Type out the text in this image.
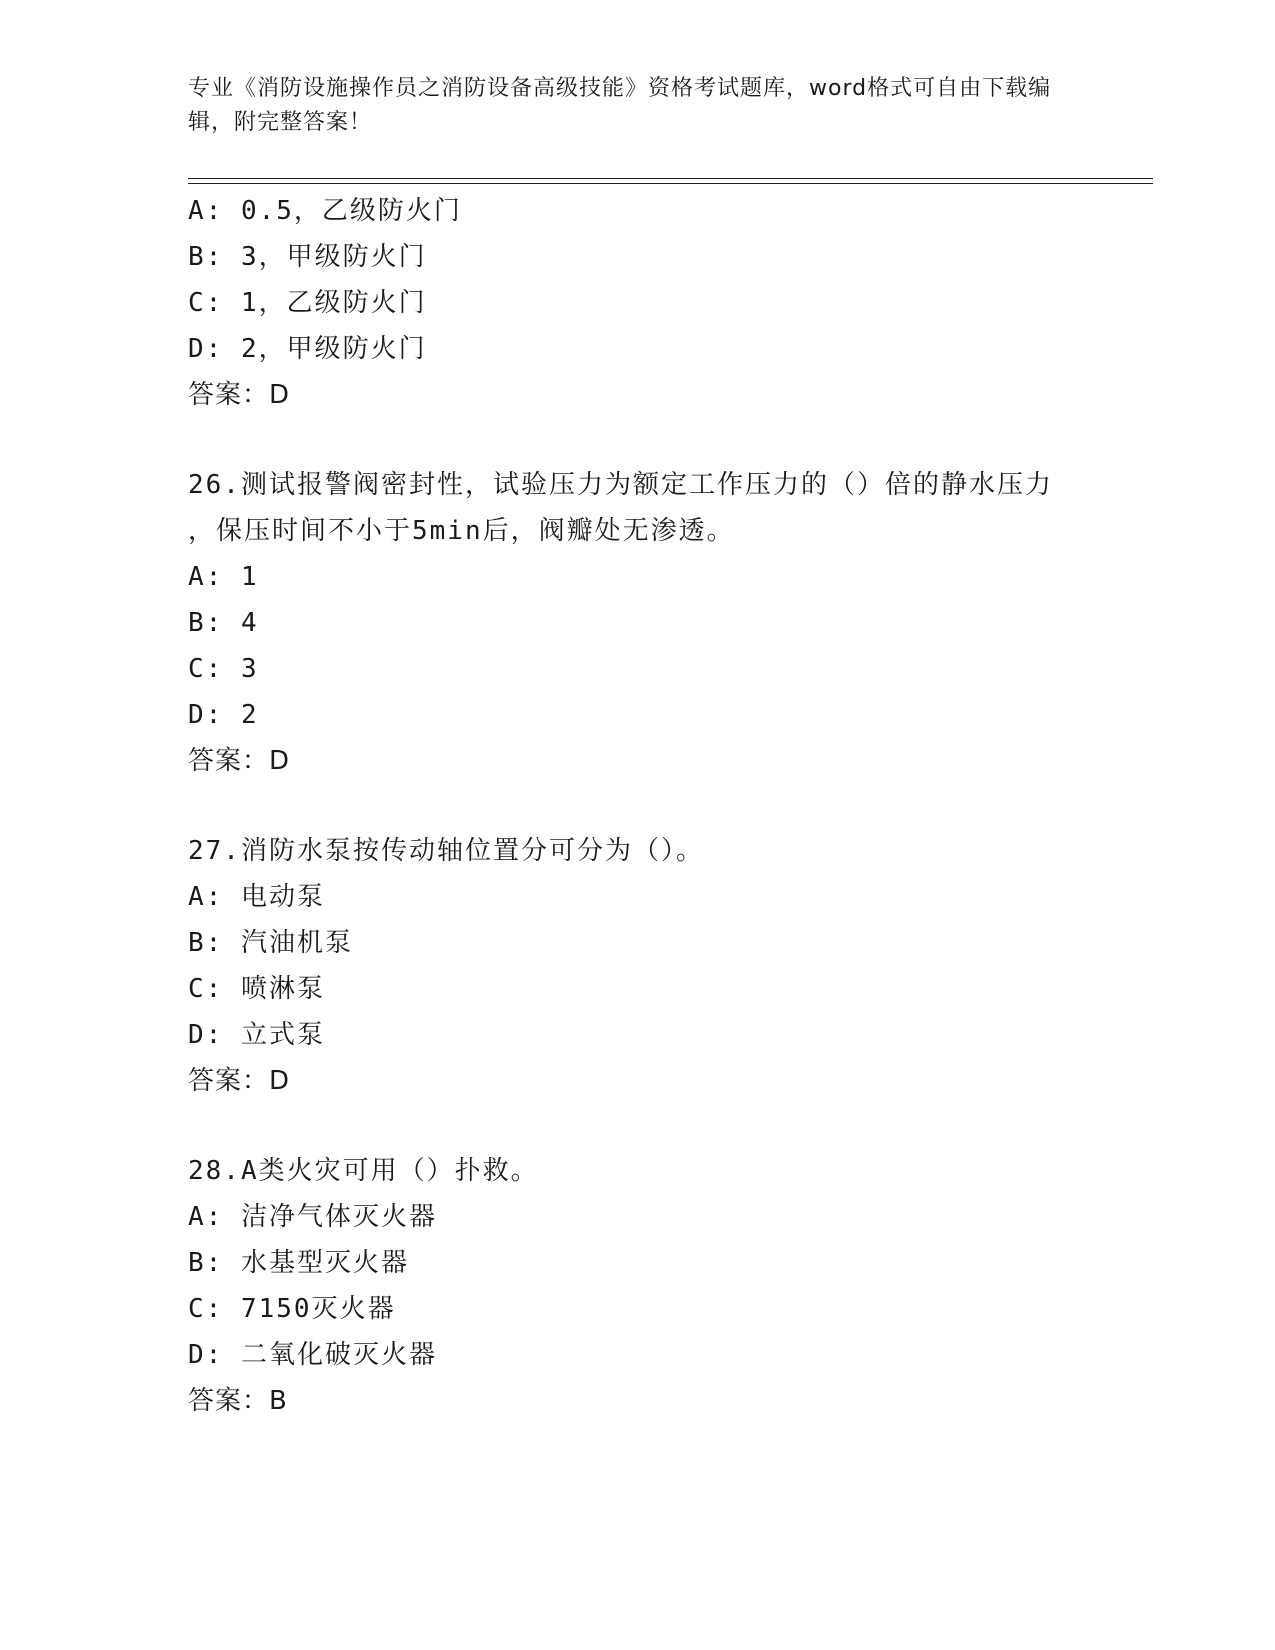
专业《消防设施操作员之消防设备高级技能》资格考试题库，word格式可自由下载编辑，附完整答案！
A: 0.5，乙级防火门
B: 3，甲级防火门
C: 1，乙级防火门
D: 2，甲级防火门
答案：D
26.测试报警阀密封性，试验压力为额定工作压力的（）倍的静水压力
，保压时间不小于5min后，阀瓣处无渗透。
A: 1
B: 4
C: 3
D: 2
答案：D
27.消防水泵按传动轴位置分可分为（）。
A: 电动泵
B: 汽油机泵
C: 喷淋泵
D: 立式泵
答案：D
28.A类火灾可用（）扑救。
A: 洁净气体灭火器
B: 水基型灭火器
C: 7150灭火器
D: 二氧化破灭火器
答案：B
